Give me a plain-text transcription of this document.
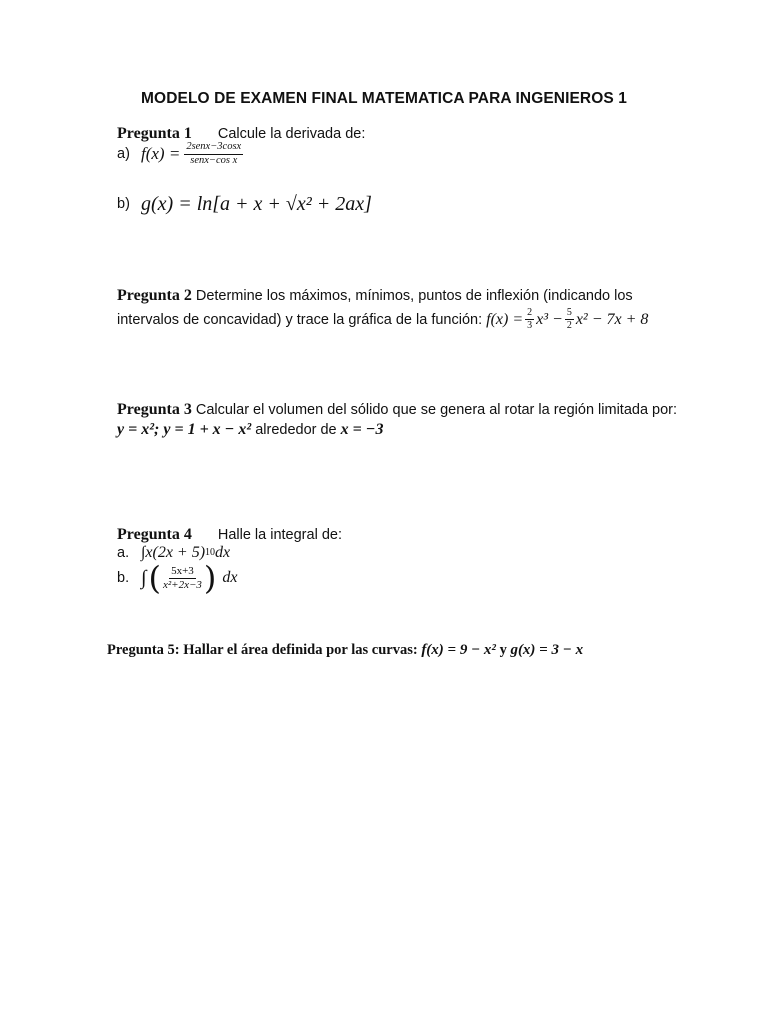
MODELO DE EXAMEN FINAL MATEMATICA PARA INGENIEROS 1
Pregunta 1 Calcule la derivada de:
a) $f(x) = \frac{\text{2senx−3cosx}}{\text{senx−cos x}}$
b) g(x) = ln[a + x + √x² + 2ax]
Pregunta 2 Determine los máximos, mínimos, puntos de inflexión (indicando los
intervalos de concavidad) y trace la gráfica de la función: $f(x) = \frac{2}{3} x^3 - \frac{5}{2} x^2 - 7x + 8$
Pregunta 3 Calcular el volumen del sólido que se genera al rotar la región limitada por:
y = x²; y = 1 + x − x² alrededor de x = −3
Pregunta 4 Halle la integral de:
a. ∫x(2x + 5) 10 dx
b. ∫ ( $\frac{5x+3}{\text{x²+2x−3}}$ ) dx
Pregunta 5: Hallar el área definida por las curvas: f(x) = 9 − x² y g(x) = 3 − x
